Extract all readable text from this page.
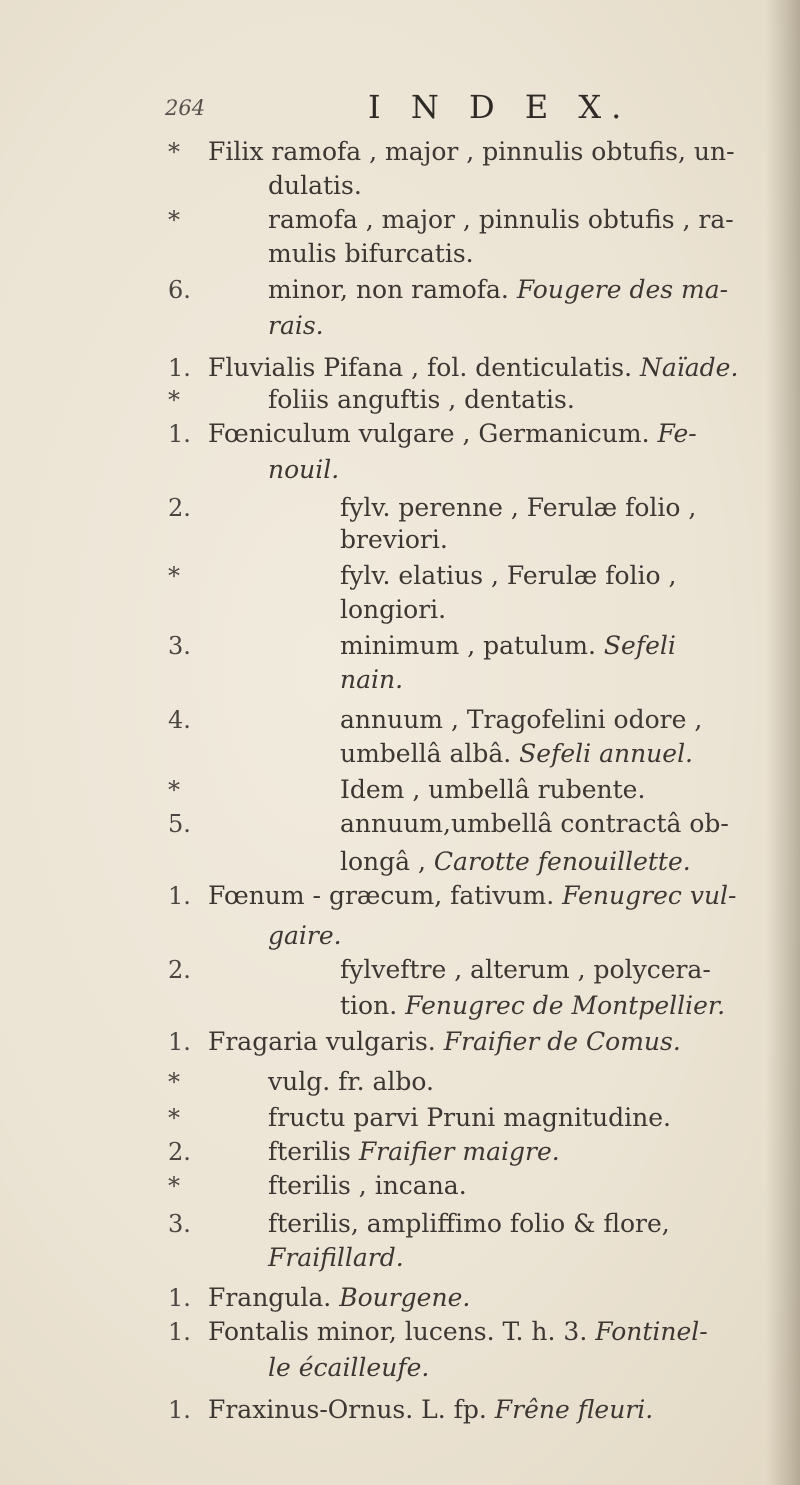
264	I N D E X.
*	Filix ramofa , major , pinnulis obtufis, un-
dulatis.
*	ramofa , major , pinnulis obtufis , ra-
mulis bifurcatis.
6.	minor, non ramofa. Fougere des ma-
rais.
1. Fluvialis Pifana , fol. denticulatis. Naïade.
*	foliis anguftis , dentatis.
1. Fœniculum vulgare , Germanicum. Fe-
nouil.
2.	fylv. perenne , Ferulæ folio ,
breviori.
*	fylv. elatius , Ferulæ folio ,
longiori.
3.	minimum , patulum. Sefeli
nain.
4.	annuum , Tragofelini odore ,
umbellâ albâ. Sefeli annuel.
*	Idem , umbellâ rubente.
5.	annuum,umbellâ contractâ ob-
longâ , Carotte fenouillette.
1. Fœnum - græcum, fativum. Fenugrec vul-
gaire.
2.	fylveftre , alterum , polycera-
tion. Fenugrec de Montpellier.
1. Fragaria vulgaris. Fraifier de Comus.
*	vulg. fr. albo.
*	fructu parvi Pruni magnitudine.
2.	fterilis Fraifier maigre.
*	fterilis , incana.
3.	fterilis, ampliffimo folio & flore,
Fraifillard.
1. Frangula. Bourgene.
1. Fontalis minor, lucens. T. h. 3. Fontinel-
le écailleufe.
1. Fraxinus-Ornus. L. fp. Frêne fleuri.
